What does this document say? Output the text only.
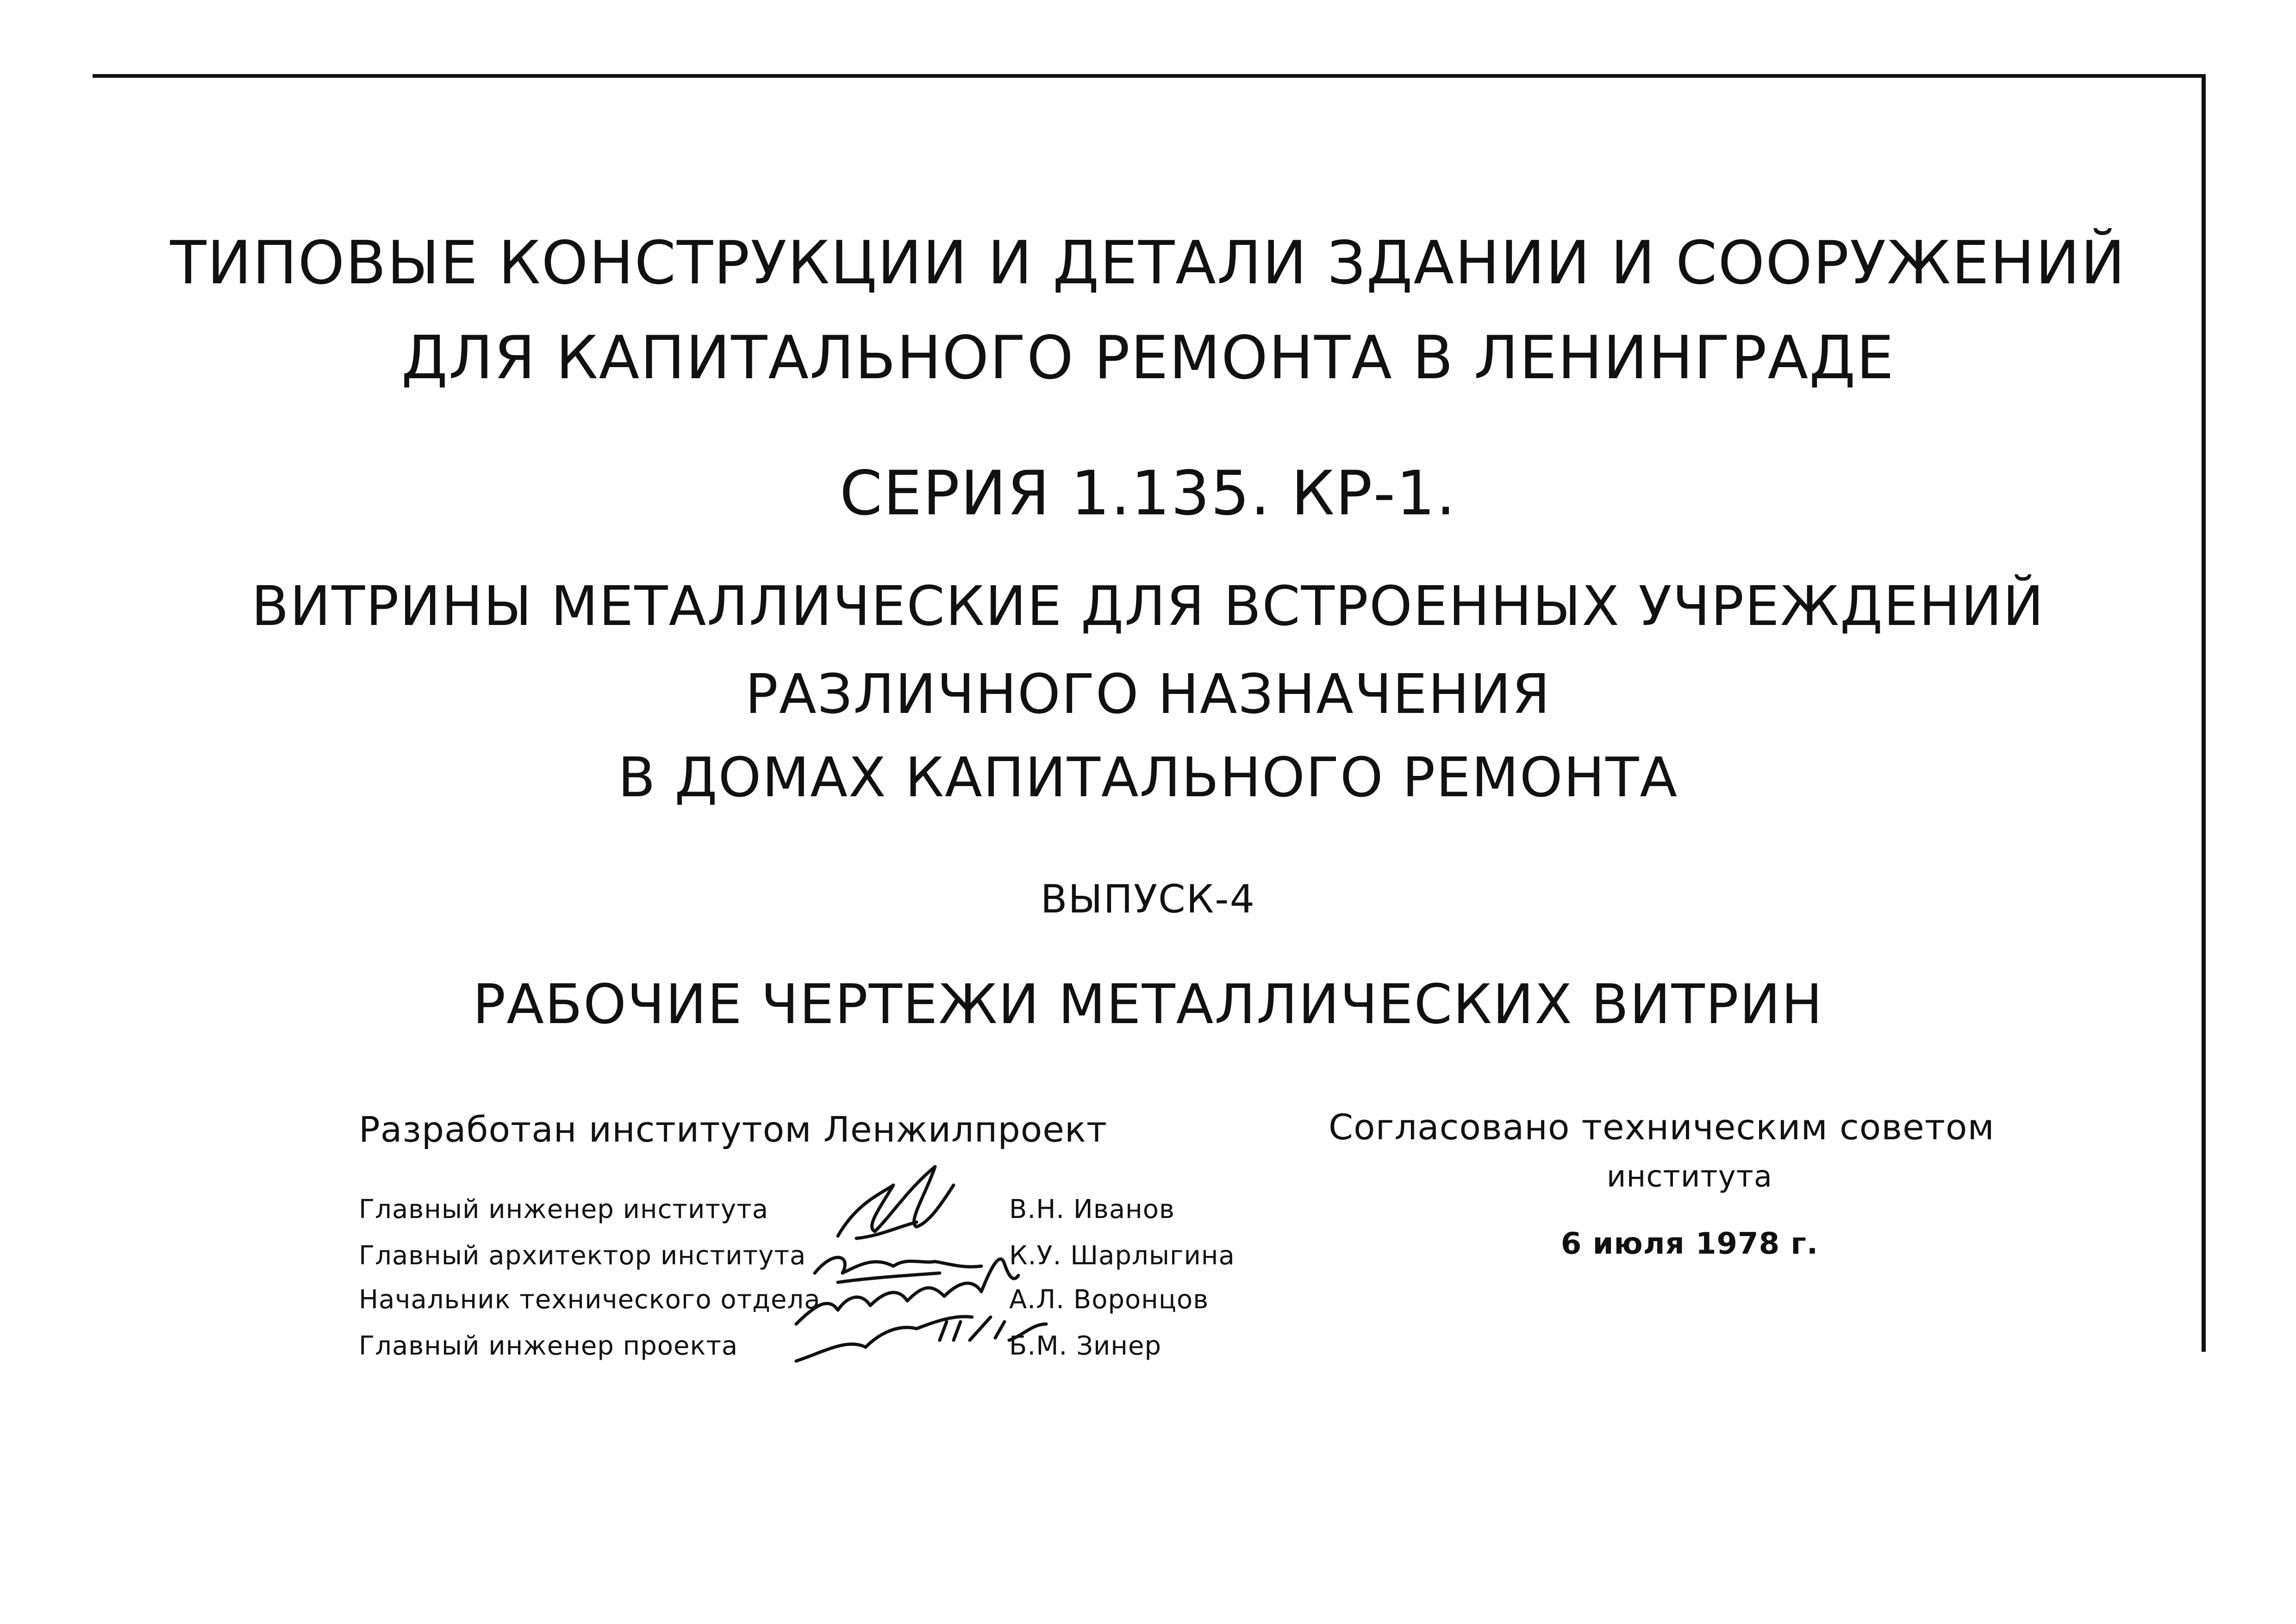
ТИПОВЫЕ КОНСТРУКЦИИ И ДЕТАЛИ ЗДАНИИ И СООРУЖЕНИЙ
ДЛЯ КАПИТАЛЬНОГО РЕМОНТА В ЛЕНИНГРАДЕ
СЕРИЯ 1.135. КР-1.
ВИТРИНЫ МЕТАЛЛИЧЕСКИЕ ДЛЯ ВСТРОЕННЫХ УЧРЕЖДЕНИЙ
РАЗЛИЧНОГО НАЗНАЧЕНИЯ
В ДОМАХ КАПИТАЛЬНОГО РЕМОНТА
ВЫПУСК-4
РАБОЧИЕ ЧЕРТЕЖИ МЕТАЛЛИЧЕСКИХ ВИТРИН
Разработан институтом Ленжилпроект
Главный инженер института	В.Н. Иванов
Главный архитектор института	К.У. Шарлыгина
Начальник технического отдела	А.Л. Воронцов
Главный инженер проекта	Б.М. Зинер
Согласовано техническим советом
института
6 июля 1978 г.
